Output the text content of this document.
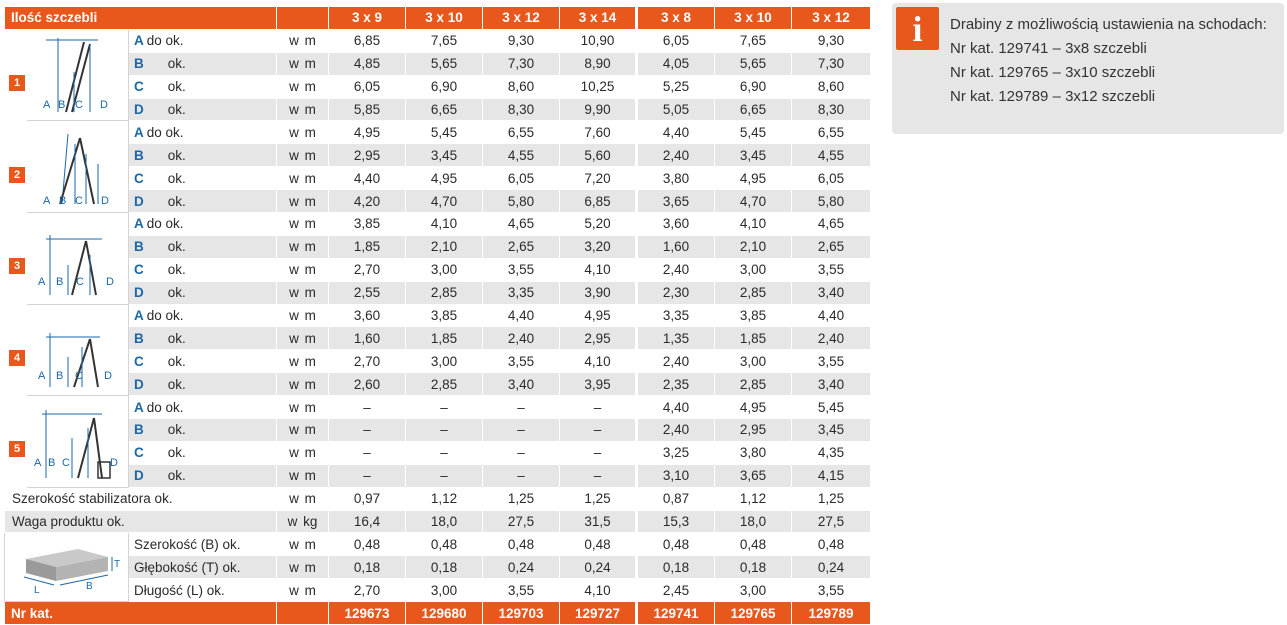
Ilość szczebli				3 x 9	3 x 10	3 x 12	3 x 14	3 x 8	3 x 10	3 x 12

1	A B C D	A do ok.	w m	6,85	7,65	9,30	10,90	6,05	7,65	9,30
		B ok.	w m	4,85	5,65	7,30	8,90	4,05	5,65	7,30
		C ok.	w m	6,05	6,90	8,60	10,25	5,25	6,90	8,60
		D ok.	w m	5,85	6,65	8,30	9,90	5,05	6,65	8,30

2	A B C D	A do ok.	w m	4,95	5,45	6,55	7,60	4,40	5,45	6,55
		B ok.	w m	2,95	3,45	4,55	5,60	2,40	3,45	4,55
		C ok.	w m	4,40	4,95	6,05	7,20	3,80	4,95	6,05
		D ok.	w m	4,20	4,70	5,80	6,85	3,65	4,70	5,80

3	A B C D	A do ok.	w m	3,85	4,10	4,65	5,20	3,60	4,10	4,65
		B ok.	w m	1,85	2,10	2,65	3,20	1,60	2,10	2,65
		C ok.	w m	2,70	3,00	3,55	4,10	2,40	3,00	3,55
		D ok.	w m	2,55	2,85	3,35	3,90	2,30	2,85	3,40

4	A B C D	A do ok.	w m	3,60	3,85	4,40	4,95	3,35	3,85	4,40
		B ok.	w m	1,60	1,85	2,40	2,95	1,35	1,85	2,40
		C ok.	w m	2,70	3,00	3,55	4,10	2,40	3,00	3,55
		D ok.	w m	2,60	2,85	3,40	3,95	2,35	2,85	3,40

5	A B C D	A do ok.	w m	–	–	–	–	4,40	4,95	5,45
		B ok.	w m	–	–	–	–	2,40	2,95	3,45
		C ok.	w m	–	–	–	–	3,25	3,80	4,35
		D ok.	w m	–	–	–	–	3,10	3,65	4,15
Szerokość stabilizatora ok.			w m	0,97	1,12	1,25	1,25	0,87	1,12	1,25
Waga produktu ok.			w kg	16,4	18,0	27,5	31,5	15,3	18,0	27,5

T
L B		Szerokość (B) ok.	w m	0,48	0,48	0,48	0,48	0,48	0,48	0,48
		Głębokość (T) ok.	w m	0,18	0,18	0,24	0,24	0,18	0,18	0,24
		Długość (L) ok.	w m	2,70	3,00	3,55	4,10	2,45	3,00	3,55
Nr kat.				129673	129680	129703	129727	129741	129765	129789
i	Drabiny z możliwością ustawienia na schodach:
Nr kat. 129741 – 3x8 szczebli
Nr kat. 129765 – 3x10 szczebli
Nr kat. 129789 – 3x12 szczebli
